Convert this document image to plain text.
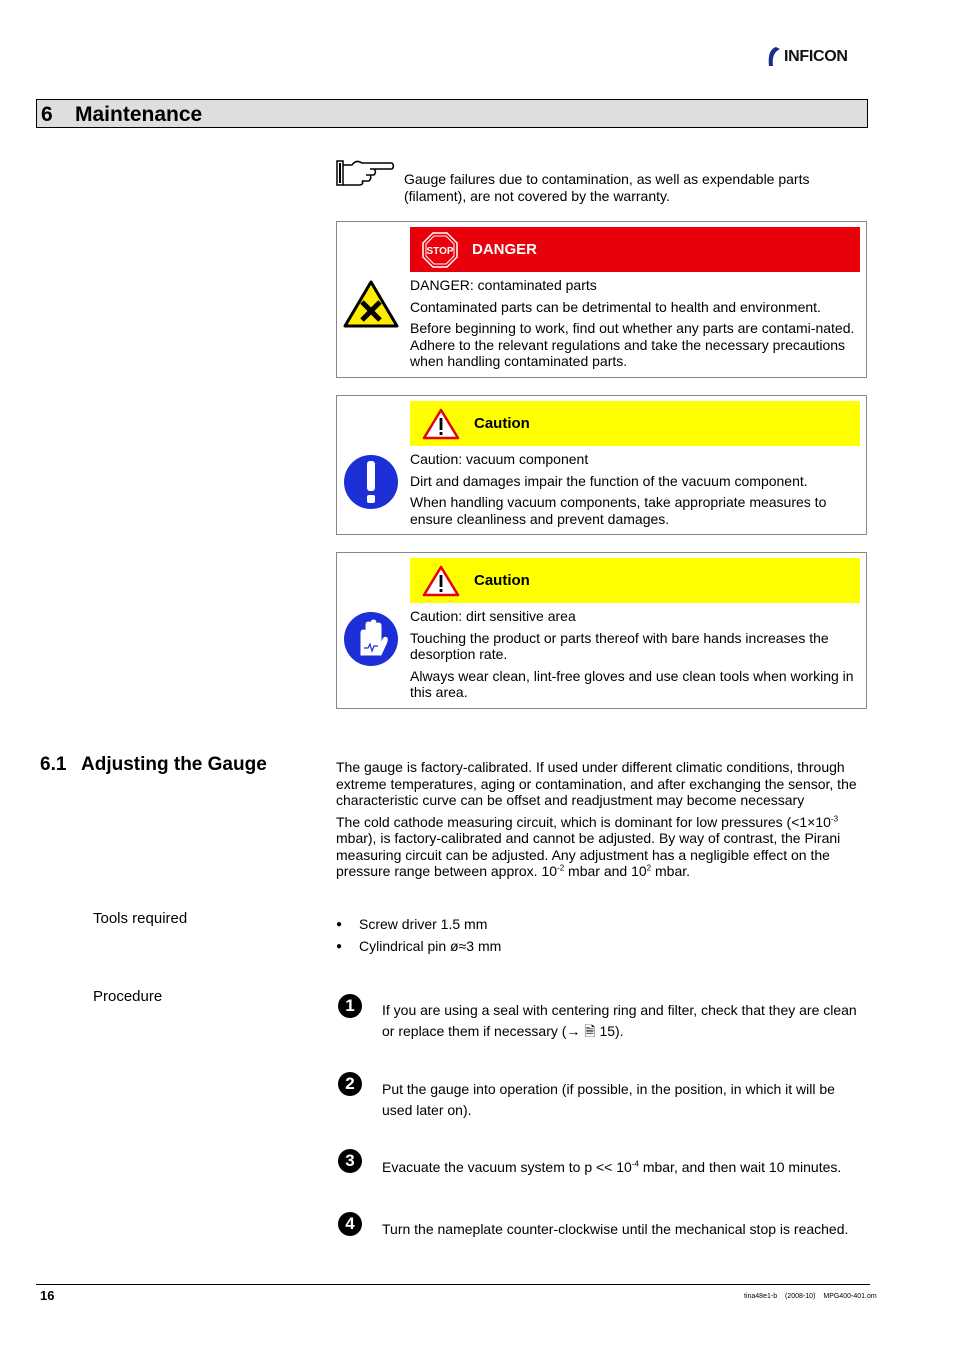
INFICON
6 Maintenance
Gauge failures due to contamination, as well as expendable parts (filament), are not covered by the warranty.
STOP DANGER

DANGER: contaminated parts

Contaminated parts can be detrimental to health and environment.

Before beginning to work, find out whether any parts are contami-nated. Adhere to the relevant regulations and take the necessary precautions when handling contaminated parts.

Caution

Caution: vacuum component

Dirt and damages impair the function of the vacuum component.

When handling vacuum components, take appropriate measures to ensure cleanliness and prevent damages.

Caution

Caution: dirt sensitive area

Touching the product or parts thereof with bare hands increases the desorption rate.

Always wear clean, lint-free gloves and use clean tools when working in this area.

6.1 Adjusting the Gauge	The gauge is factory-calibrated. If used under different climatic conditions, through extreme temperatures, aging or contamination, and after exchanging the sensor, the characteristic curve can be offset and readjustment may become necessary

The cold cathode measuring circuit, which is dominant for low pressures ($<1\times 10^{-3}$ mbar), is factory-calibrated and cannot be adjusted. By way of contrast, the Pirani measuring circuit can be adjusted. Any adjustment has a negligible effect on the pressure range between approx. $10^{-2}$ mbar and $10^2$ mbar.

Tools required	●	Screw driver 1.5 mm
●	Cylindrical pin ø≈3 mm
Procedure	1	If you are using a seal with centering ring and filter, check that they are clean or replace them if necessary (→ 🗎 15).
2	Put the gauge into operation (if possible, in the position, in which it will be used later on).
3	Evacuate the vacuum system to $p << 10^{-4}$ mbar, and then wait 10 minutes.
4	Turn the nameplate counter-clockwise until the mechanical stop is reached.
16	tina48e1-b (2008-10) MPG400-401.om
